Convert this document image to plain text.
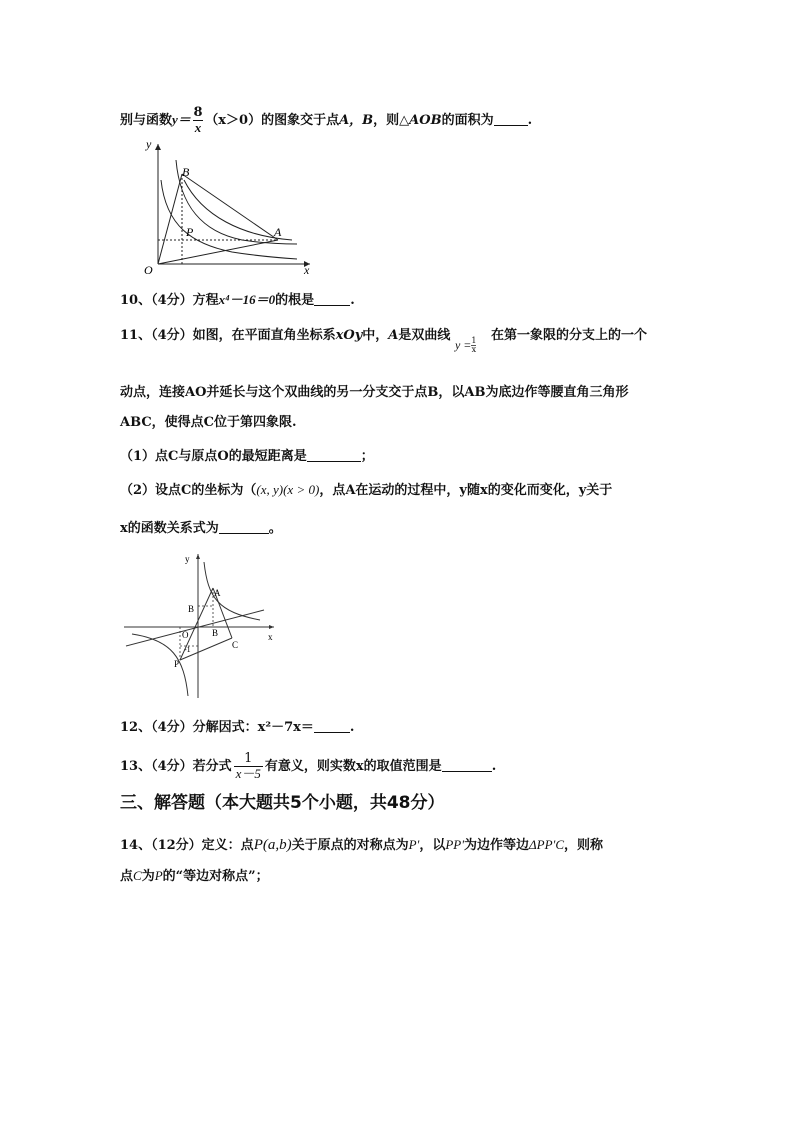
别与函数$y= \frac{8}{x} (x>0)$的图象交于点A，B，则△AOB的面积为	.
y
x
O
B
P	A
10、（4分）方程x⁴－16＝0的根是	.
11、（4分）如图，在平面直角坐标系xOy中，A是双曲线 $y = \frac{1}{x}$
在第一象限的分支上的一个
动点，连接AO并延长与这个双曲线的另一分支交于点B，以AB为底边作等腰直角三角形
ABC，使得点C位于第四象限.
（1）点C与原点O的最短距离是	；
（2）设点C的坐标为（(x, y)(x > 0)，点A在运动的过程中，y随x的变化而变化，y关于
x的函数关系式为	。
y
x
O
A
B
B
C
P
-1
12、（4分）分解因式：x²－7x＝	.
13、（4分）若分式 $\frac{1}{x-5}$ 有意义，则实数x的取值范围是	.
三、解答题（本大题共5个小题，共48分）
14、（12分）定义：点P(a,b)关于原点的对称点为P'，以PP'为边作等边ΔPP'C，则称
点C为P的“等边对称点”；
